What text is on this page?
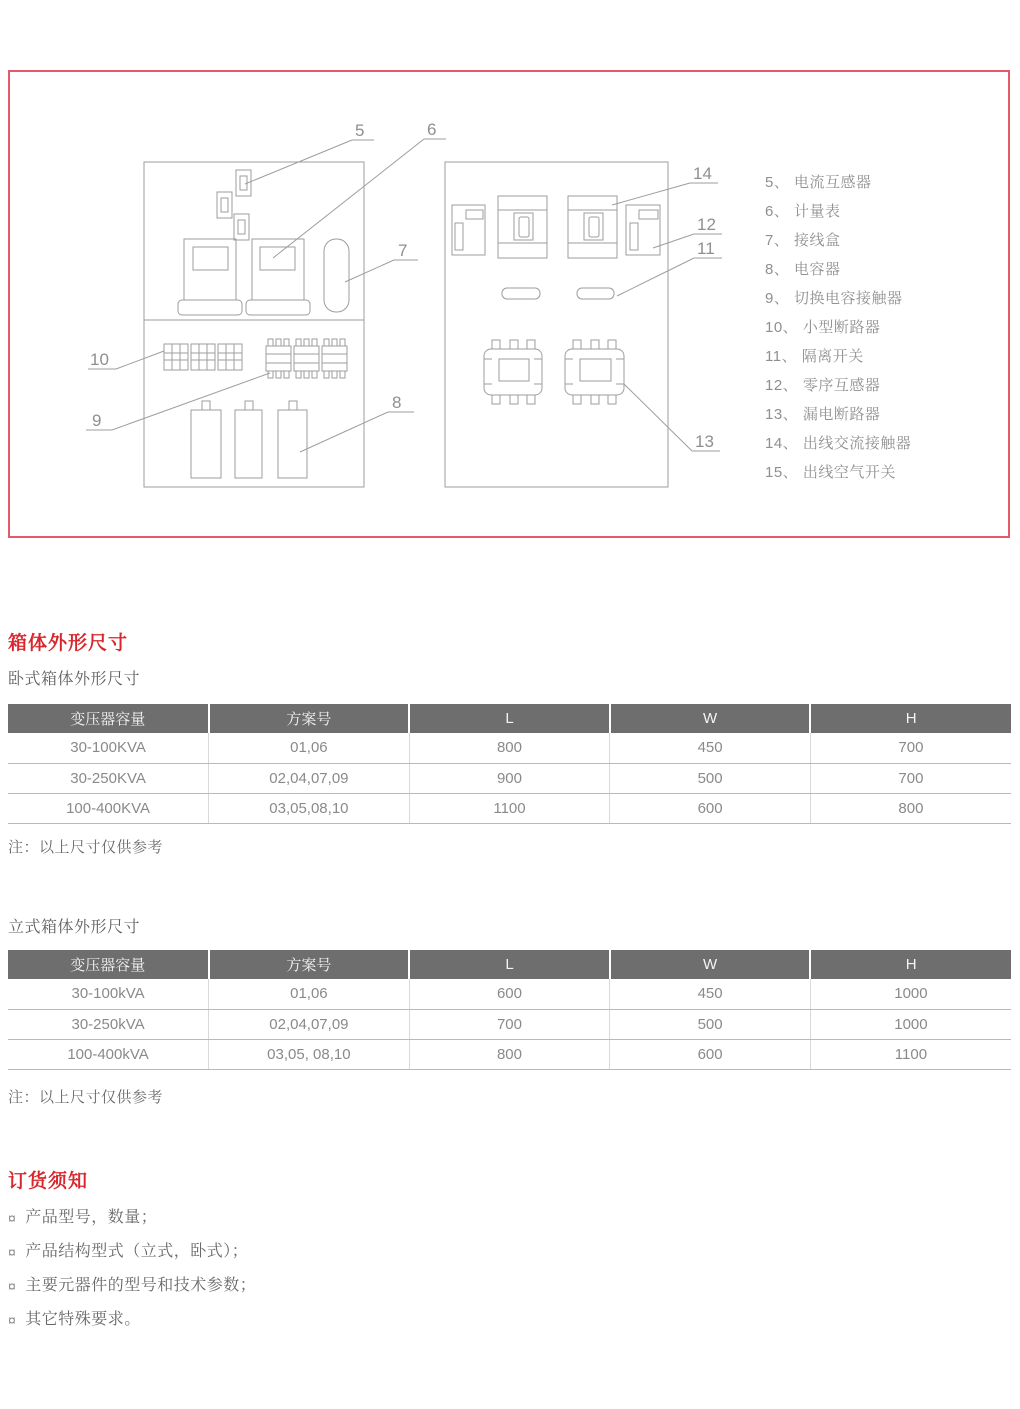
5	6
7
10
9
8
14
12
11
13
5、 电流互感器
6、 计量表
7、 接线盒
8、 电容器
9、 切换电容接触器
10、 小型断路器
11、 隔离开关
12、 零序互感器
13、 漏电断路器
14、 出线交流接触器
15、 出线空气开关
箱体外形尺寸
卧式箱体外形尺寸
变压器容量	方案号	L	W	H
30-100KVA	01,06	800	450	700
30-250KVA	02,04,07,09	900	500	700
100-400KVA	03,05,08,10	1100	600	800
注：以上尺寸仅供参考
立式箱体外形尺寸
变压器容量	方案号	L	W	H
30-100kVA	01,06	600	450	1000
30-250kVA	02,04,07,09	700	500	1000
100-400kVA	03,05, 08,10	800	600	1100
注：以上尺寸仅供参考
订货须知
¤ 产品型号，数量；
¤ 产品结构型式（立式，卧式）；
¤ 主要元器件的型号和技术参数；
¤ 其它特殊要求。
